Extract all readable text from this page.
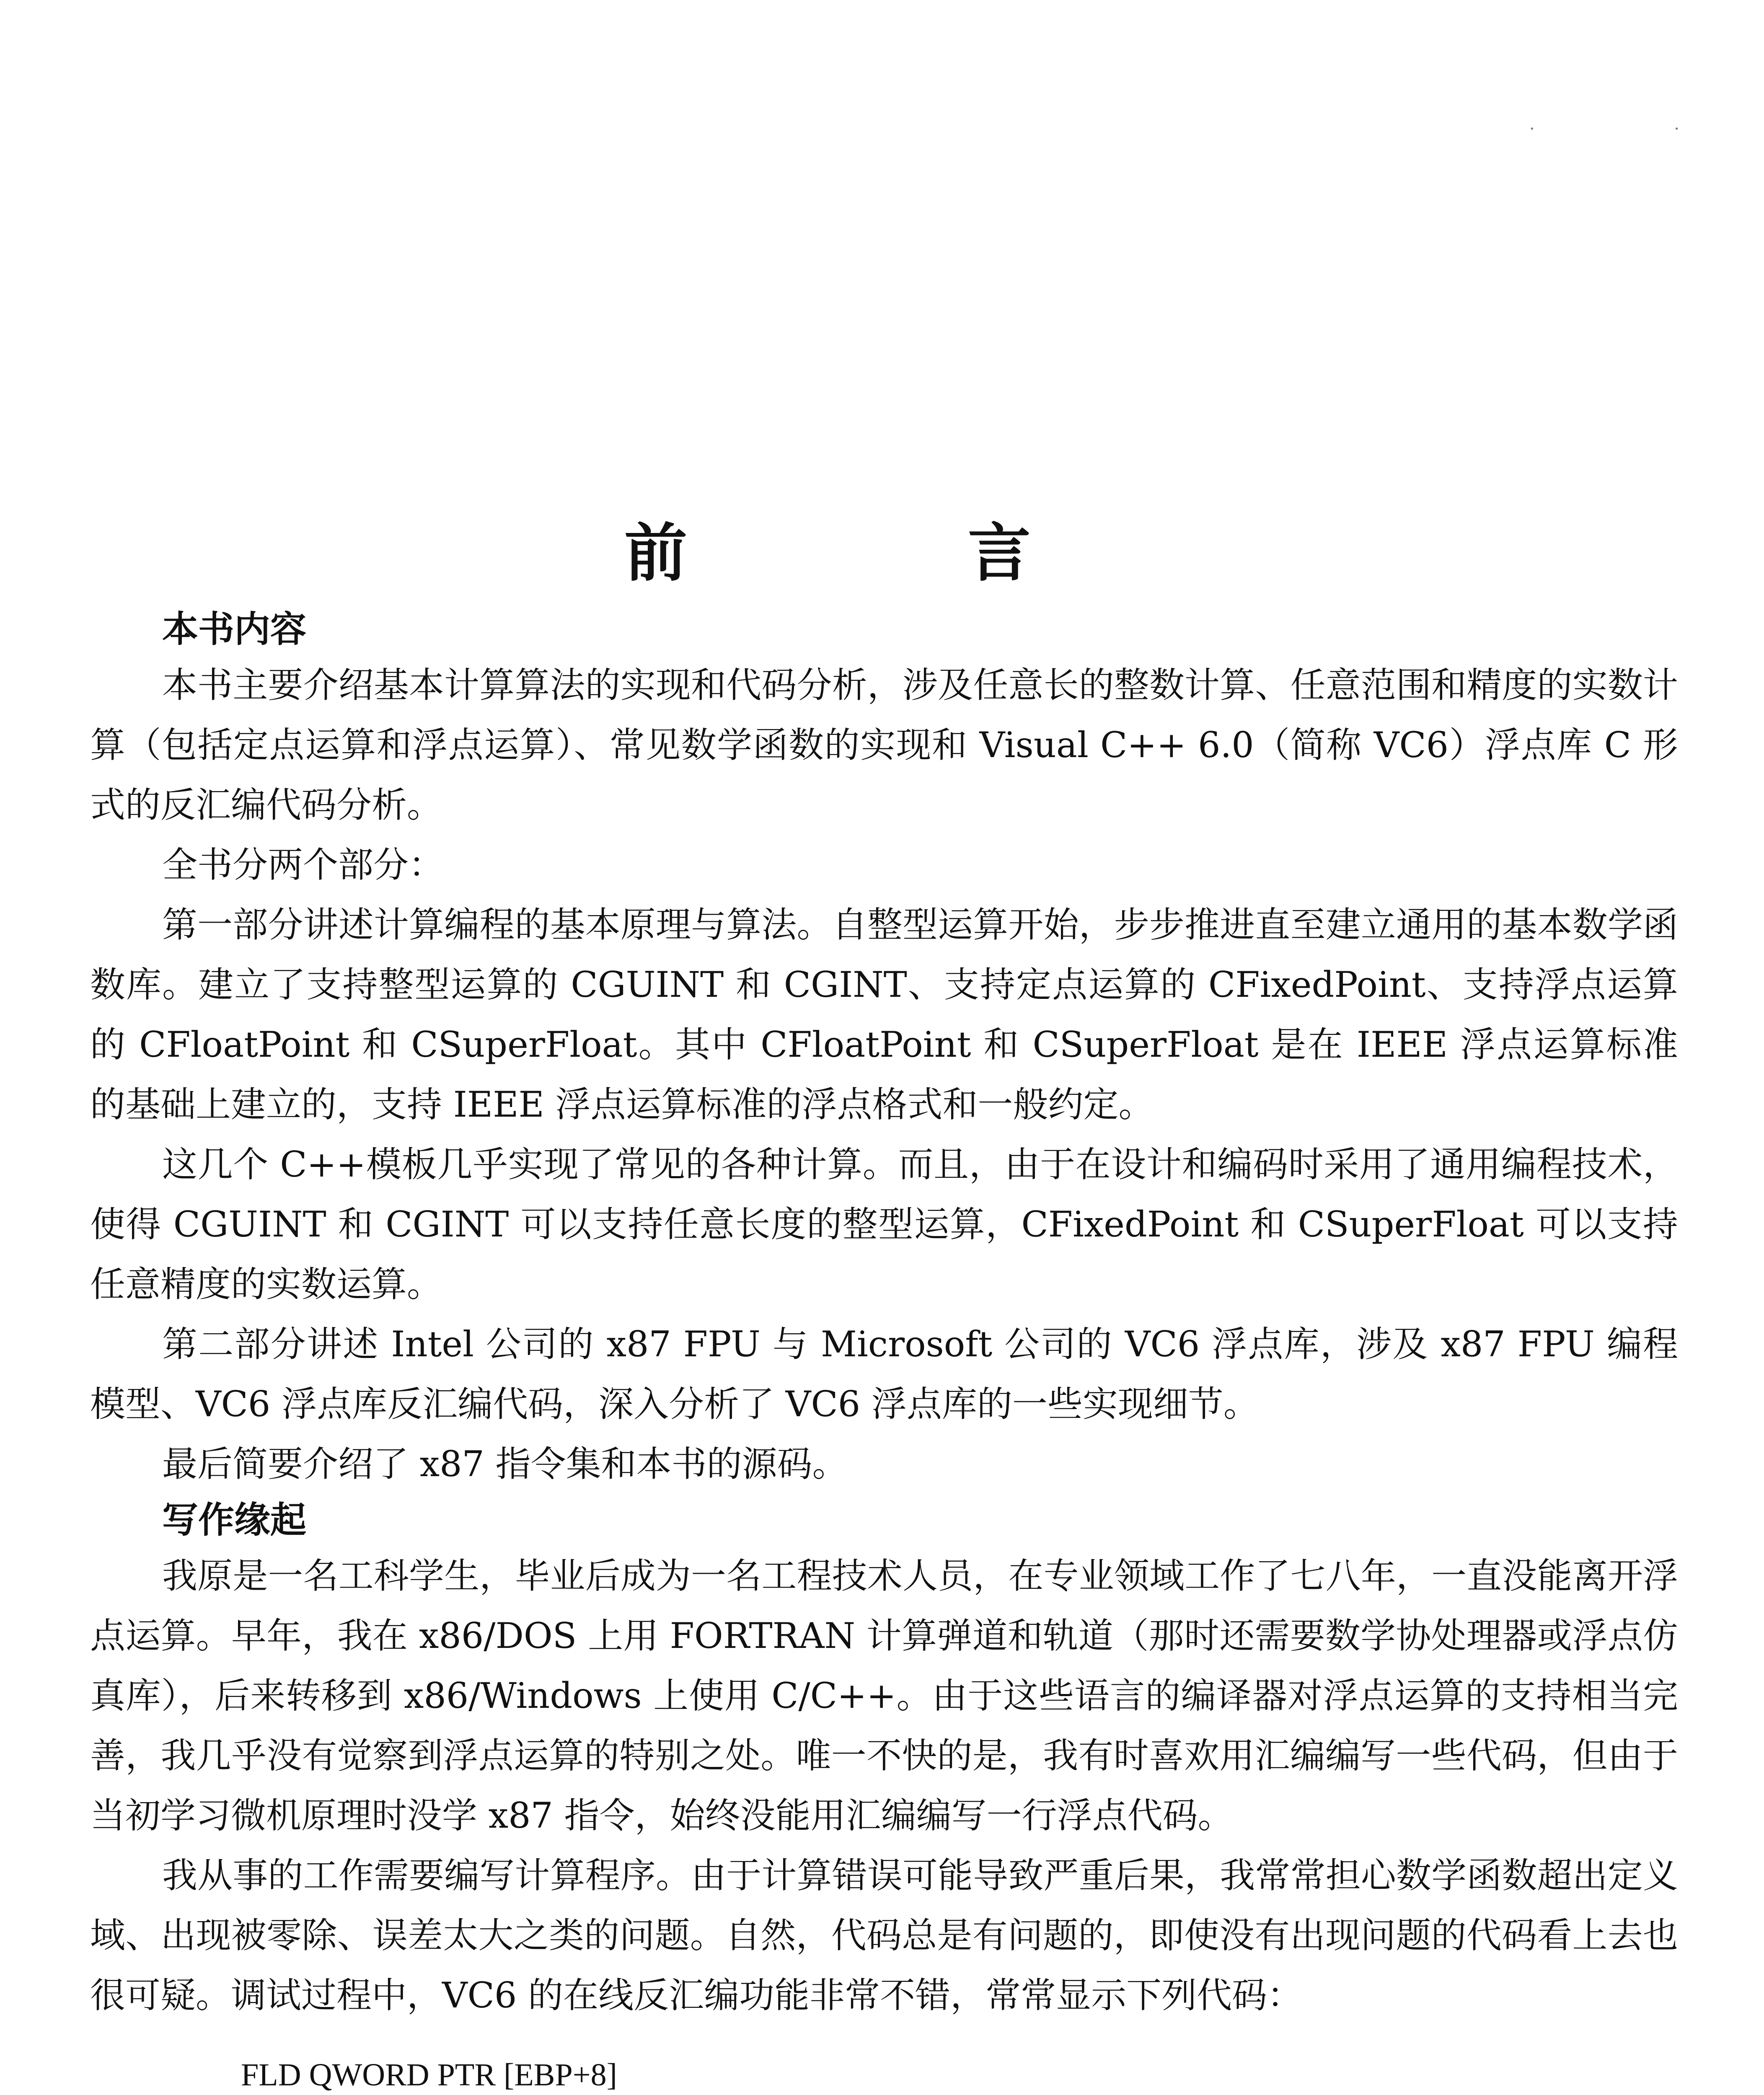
· ·
前　言

本书内容

本书主要介绍基本计算算法的实现和代码分析，涉及任意长的整数计算、任意范围和精度的实数计算（包括定点运算和浮点运算）、常见数学函数的实现和 Visual C++ 6.0（简称 VC6）浮点库 C 形式的反汇编代码分析。

全书分两个部分：

第一部分讲述计算编程的基本原理与算法。自整型运算开始，步步推进直至建立通用的基本数学函数库。建立了支持整型运算的 CGUINT 和 CGINT、支持定点运算的 CFixedPoint、支持浮点运算的 CFloatPoint 和 CSuperFloat。其中 CFloatPoint 和 CSuperFloat 是在 IEEE 浮点运算标准的基础上建立的，支持 IEEE 浮点运算标准的浮点格式和一般约定。

这几个 C++模板几乎实现了常见的各种计算。而且，由于在设计和编码时采用了通用编程技术，使得 CGUINT 和 CGINT 可以支持任意长度的整型运算，CFixedPoint 和 CSuperFloat 可以支持任意精度的实数运算。

第二部分讲述 Intel 公司的 x87 FPU 与 Microsoft 公司的 VC6 浮点库，涉及 x87 FPU 编程模型、VC6 浮点库反汇编代码，深入分析了 VC6 浮点库的一些实现细节。

最后简要介绍了 x87 指令集和本书的源码。

写作缘起

我原是一名工科学生，毕业后成为一名工程技术人员，在专业领域工作了七八年，一直没能离开浮点运算。早年，我在 x86/DOS 上用 FORTRAN 计算弹道和轨道（那时还需要数学协处理器或浮点仿真库），后来转移到 x86/Windows 上使用 C/C++。由于这些语言的编译器对浮点运算的支持相当完善，我几乎没有觉察到浮点运算的特别之处。唯一不快的是，我有时喜欢用汇编编写一些代码，但由于当初学习微机原理时没学 x87 指令，始终没能用汇编编写一行浮点代码。

我从事的工作需要编写计算程序。由于计算错误可能导致严重后果，我常常担心数学函数超出定义域、出现被零除、误差太大之类的问题。自然，代码总是有问题的，即使没有出现问题的代码看上去也很可疑。调试过程中，VC6 的在线反汇编功能非常不错，常常显示下列代码：

FLD QWORD PTR [EBP+8]
